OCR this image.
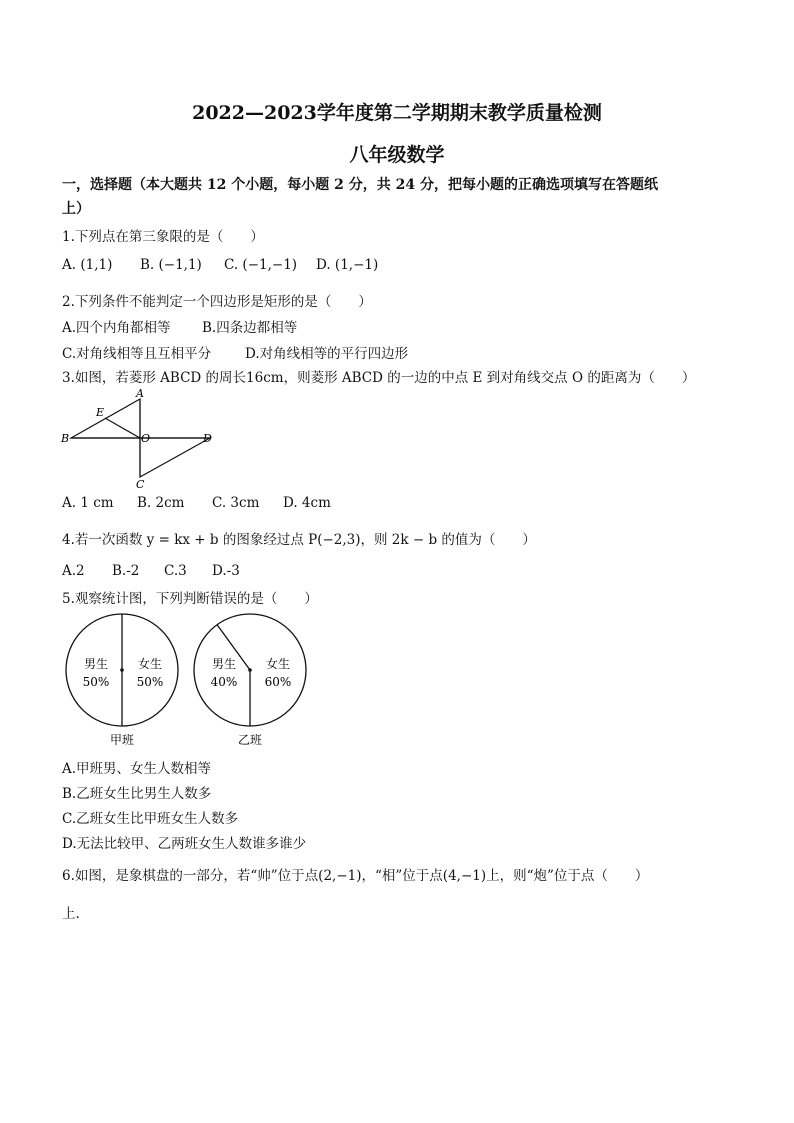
2022—2023学年度第二学期期末教学质量检测
八年级数学
一，选择题（本大题共 12 个小题，每小题 2 分，共 24 分，把每小题的正确选项填写在答题纸
上）
1.下列点在第三象限的是（　　）
A. (1,1) B. (−1,1) C. (−1,−1) D. (1,−1)
2.下列条件不能判定一个四边形是矩形的是（　　）
A.四个内角都相等 B.四条边都相等
C.对角线相等且互相平分	D.对角线相等的平行四边形
3.如图，若菱形 ABCD 的周长16cm，则菱形 ABCD 的一边的中点 E 到对角线交点 O 的距离为（　　）
A
B
C
D
E
O
A. 1 cm B. 2cm C. 3cm D. 4cm
4.若一次函数 y = kx + b 的图象经过点 P(−2,3)，则 2k − b 的值为（　　）
A.2 B.-2 C.3 D.-3
5.观察统计图，下列判断错误的是（　　）
男生
50%
女生
50%
甲班
男生
40%
女生
60%
乙班
A.甲班男、女生人数相等
B.乙班女生比男生人数多
C.乙班女生比甲班女生人数多
D.无法比较甲、乙两班女生人数谁多谁少
6.如图，是象棋盘的一部分，若“帅”位于点(2,−1)，“相”位于点(4,−1)上，则“炮”位于点（　　）
上.
